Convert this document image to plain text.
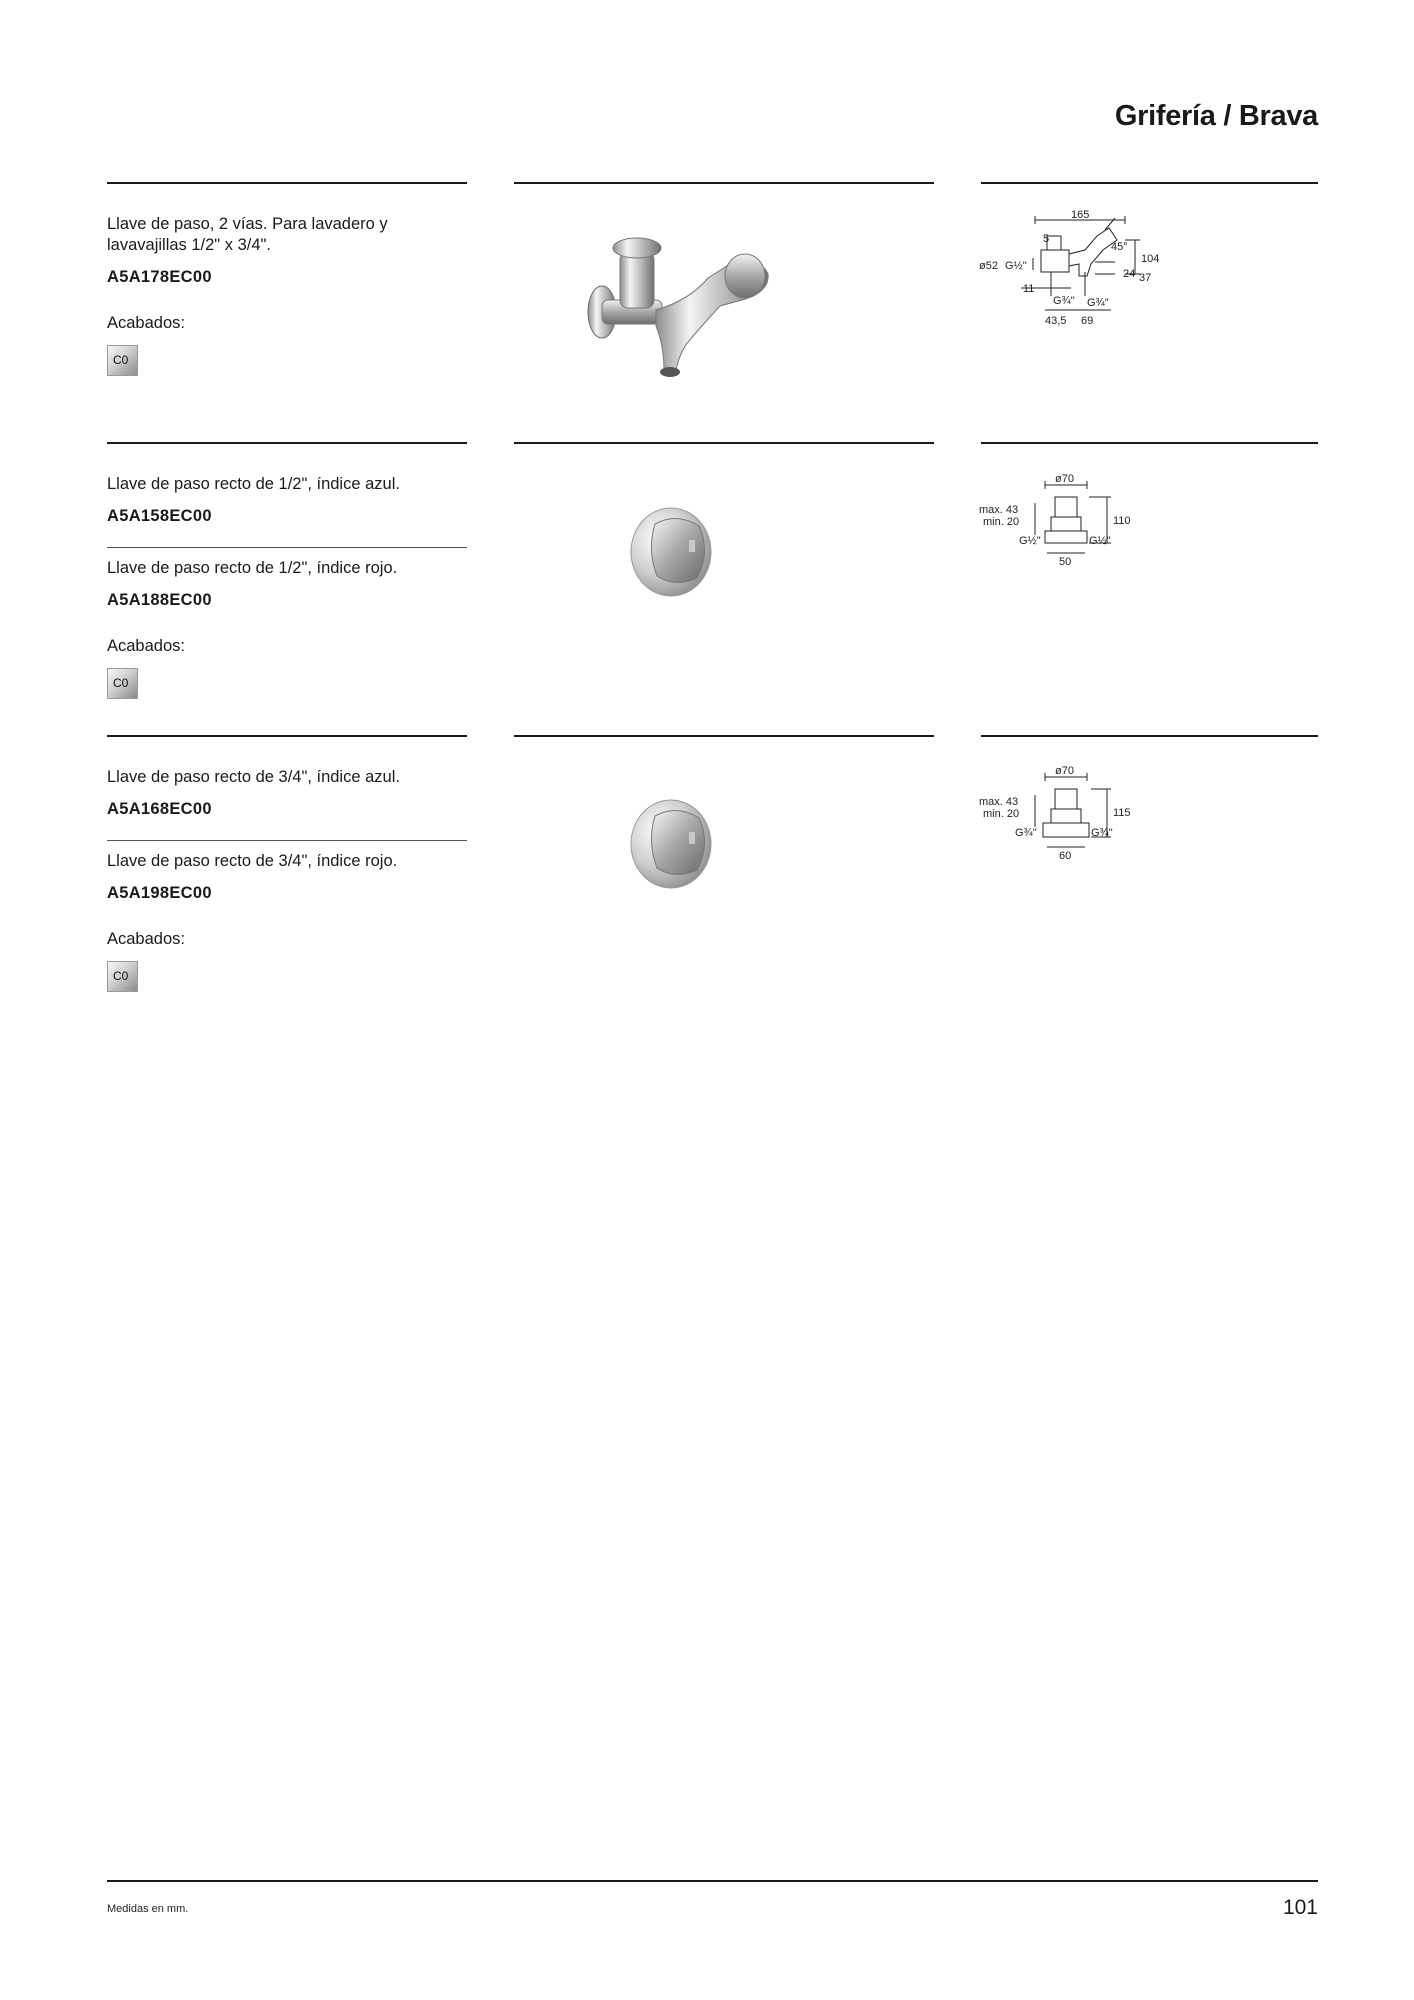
Grifería / Brava
Llave de paso, 2 vías. Para lavadero y lavavajillas 1/2" x 3/4".
A5A178EC00
Acabados:
C0
165
5
45°
104
ø52 G½"
24 37
11
G¾" G¾"
43,5 69
Llave de paso recto de 1/2", índice azul.
A5A158EC00
Llave de paso recto de 1/2", índice rojo.
A5A188EC00
Acabados:
C0
ø70
max. 43
min. 20	110
G½"	G½"
50
Llave de paso recto de 3/4", índice azul.
A5A168EC00
Llave de paso recto de 3/4", índice rojo.
A5A198EC00
Acabados:
C0
ø70
max. 43
min. 20	115
G¾"	G¾"
60
Medidas en mm.	101
